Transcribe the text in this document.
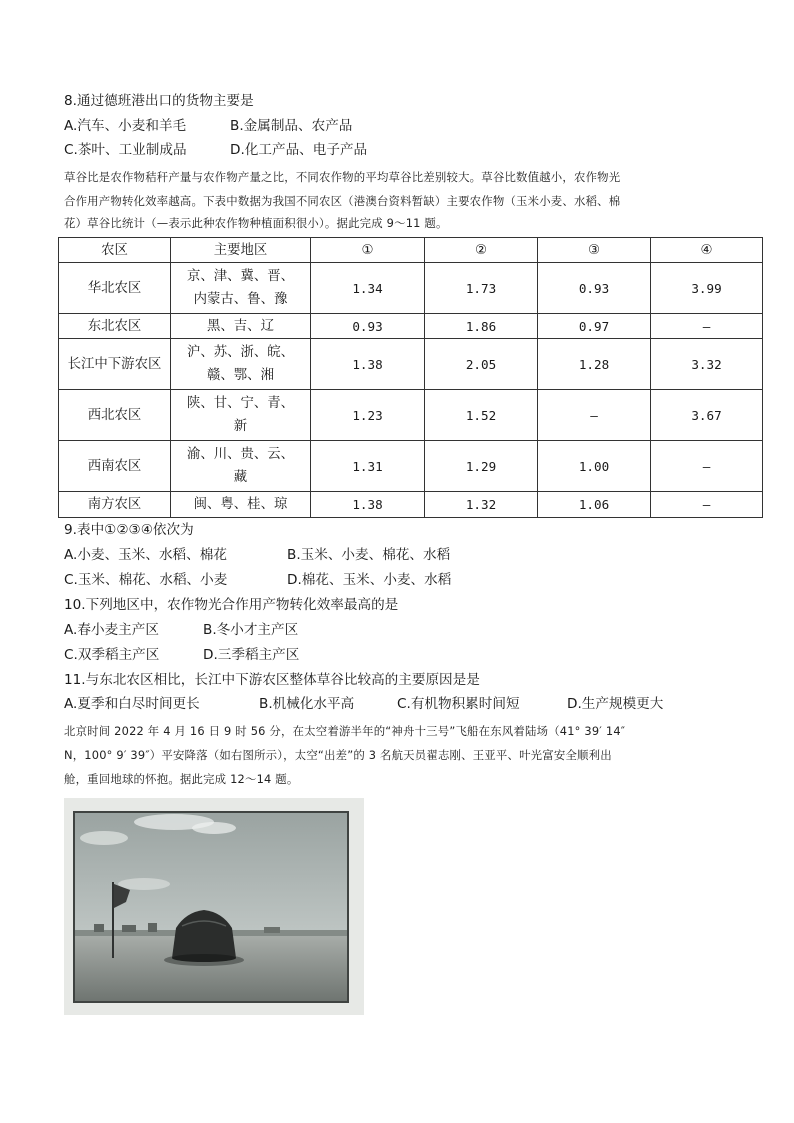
8.通过德班港出口的货物主要是
A.汽车、小麦和羊毛	B.金属制品、农产品
C.茶叶、工业制成品	D.化工产品、电子产品
草谷比是农作物秸秆产量与农作物产量之比，不同农作物的平均草谷比差别较大。草谷比数值越小，农作物光
合作用产物转化效率越高。下表中数据为我国不同农区（港澳台资料暂缺）主要农作物（玉米小麦、水稻、棉
花）草谷比统计（—表示此种农作物种植面积很小）。据此完成 9～11 题。
农区	主要地区	①	②	③	④
华北农区	京、津、冀、晋、
内蒙古、鲁、豫	1.34	1.73	0.93	3.99
东北农区	黑、吉、辽	0.93	1.86	0.97	—
长江中下游农区	沪、苏、浙、皖、
赣、鄂、湘	1.38	2.05	1.28	3.32
西北农区	陕、甘、宁、青、
新	1.23	1.52	—	3.67
西南农区	渝、川、贵、云、
藏	1.31	1.29	1.00	—
南方农区	闽、粤、桂、琼	1.38	1.32	1.06	—
9.表中①②③④依次为
A.小麦、玉米、水稻、棉花	B.玉米、小麦、棉花、水稻
C.玉米、棉花、水稻、小麦	D.棉花、玉米、小麦、水稻
10.下列地区中，农作物光合作用产物转化效率最高的是
A.春小麦主产区	B.冬小才主产区
C.双季稻主产区	D.三季稻主产区
11.与东北农区相比，长江中下游农区整体草谷比较高的主要原因是是
A.夏季和白尽时间更长	B.机械化水平高	C.有机物积累时间短	D.生产规模更大
北京时间 2022 年 4 月 16 日 9 时 56 分，在太空着游半年的“神舟十三号”飞船在东风着陆场（41° 39′ 14″
N，100° 9′ 39″）平安降落（如右图所示），太空“出差”的 3 名航天员翟志刚、王亚平、叶光富安全顺利出
舱，重回地球的怀抱。据此完成 12～14 题。
